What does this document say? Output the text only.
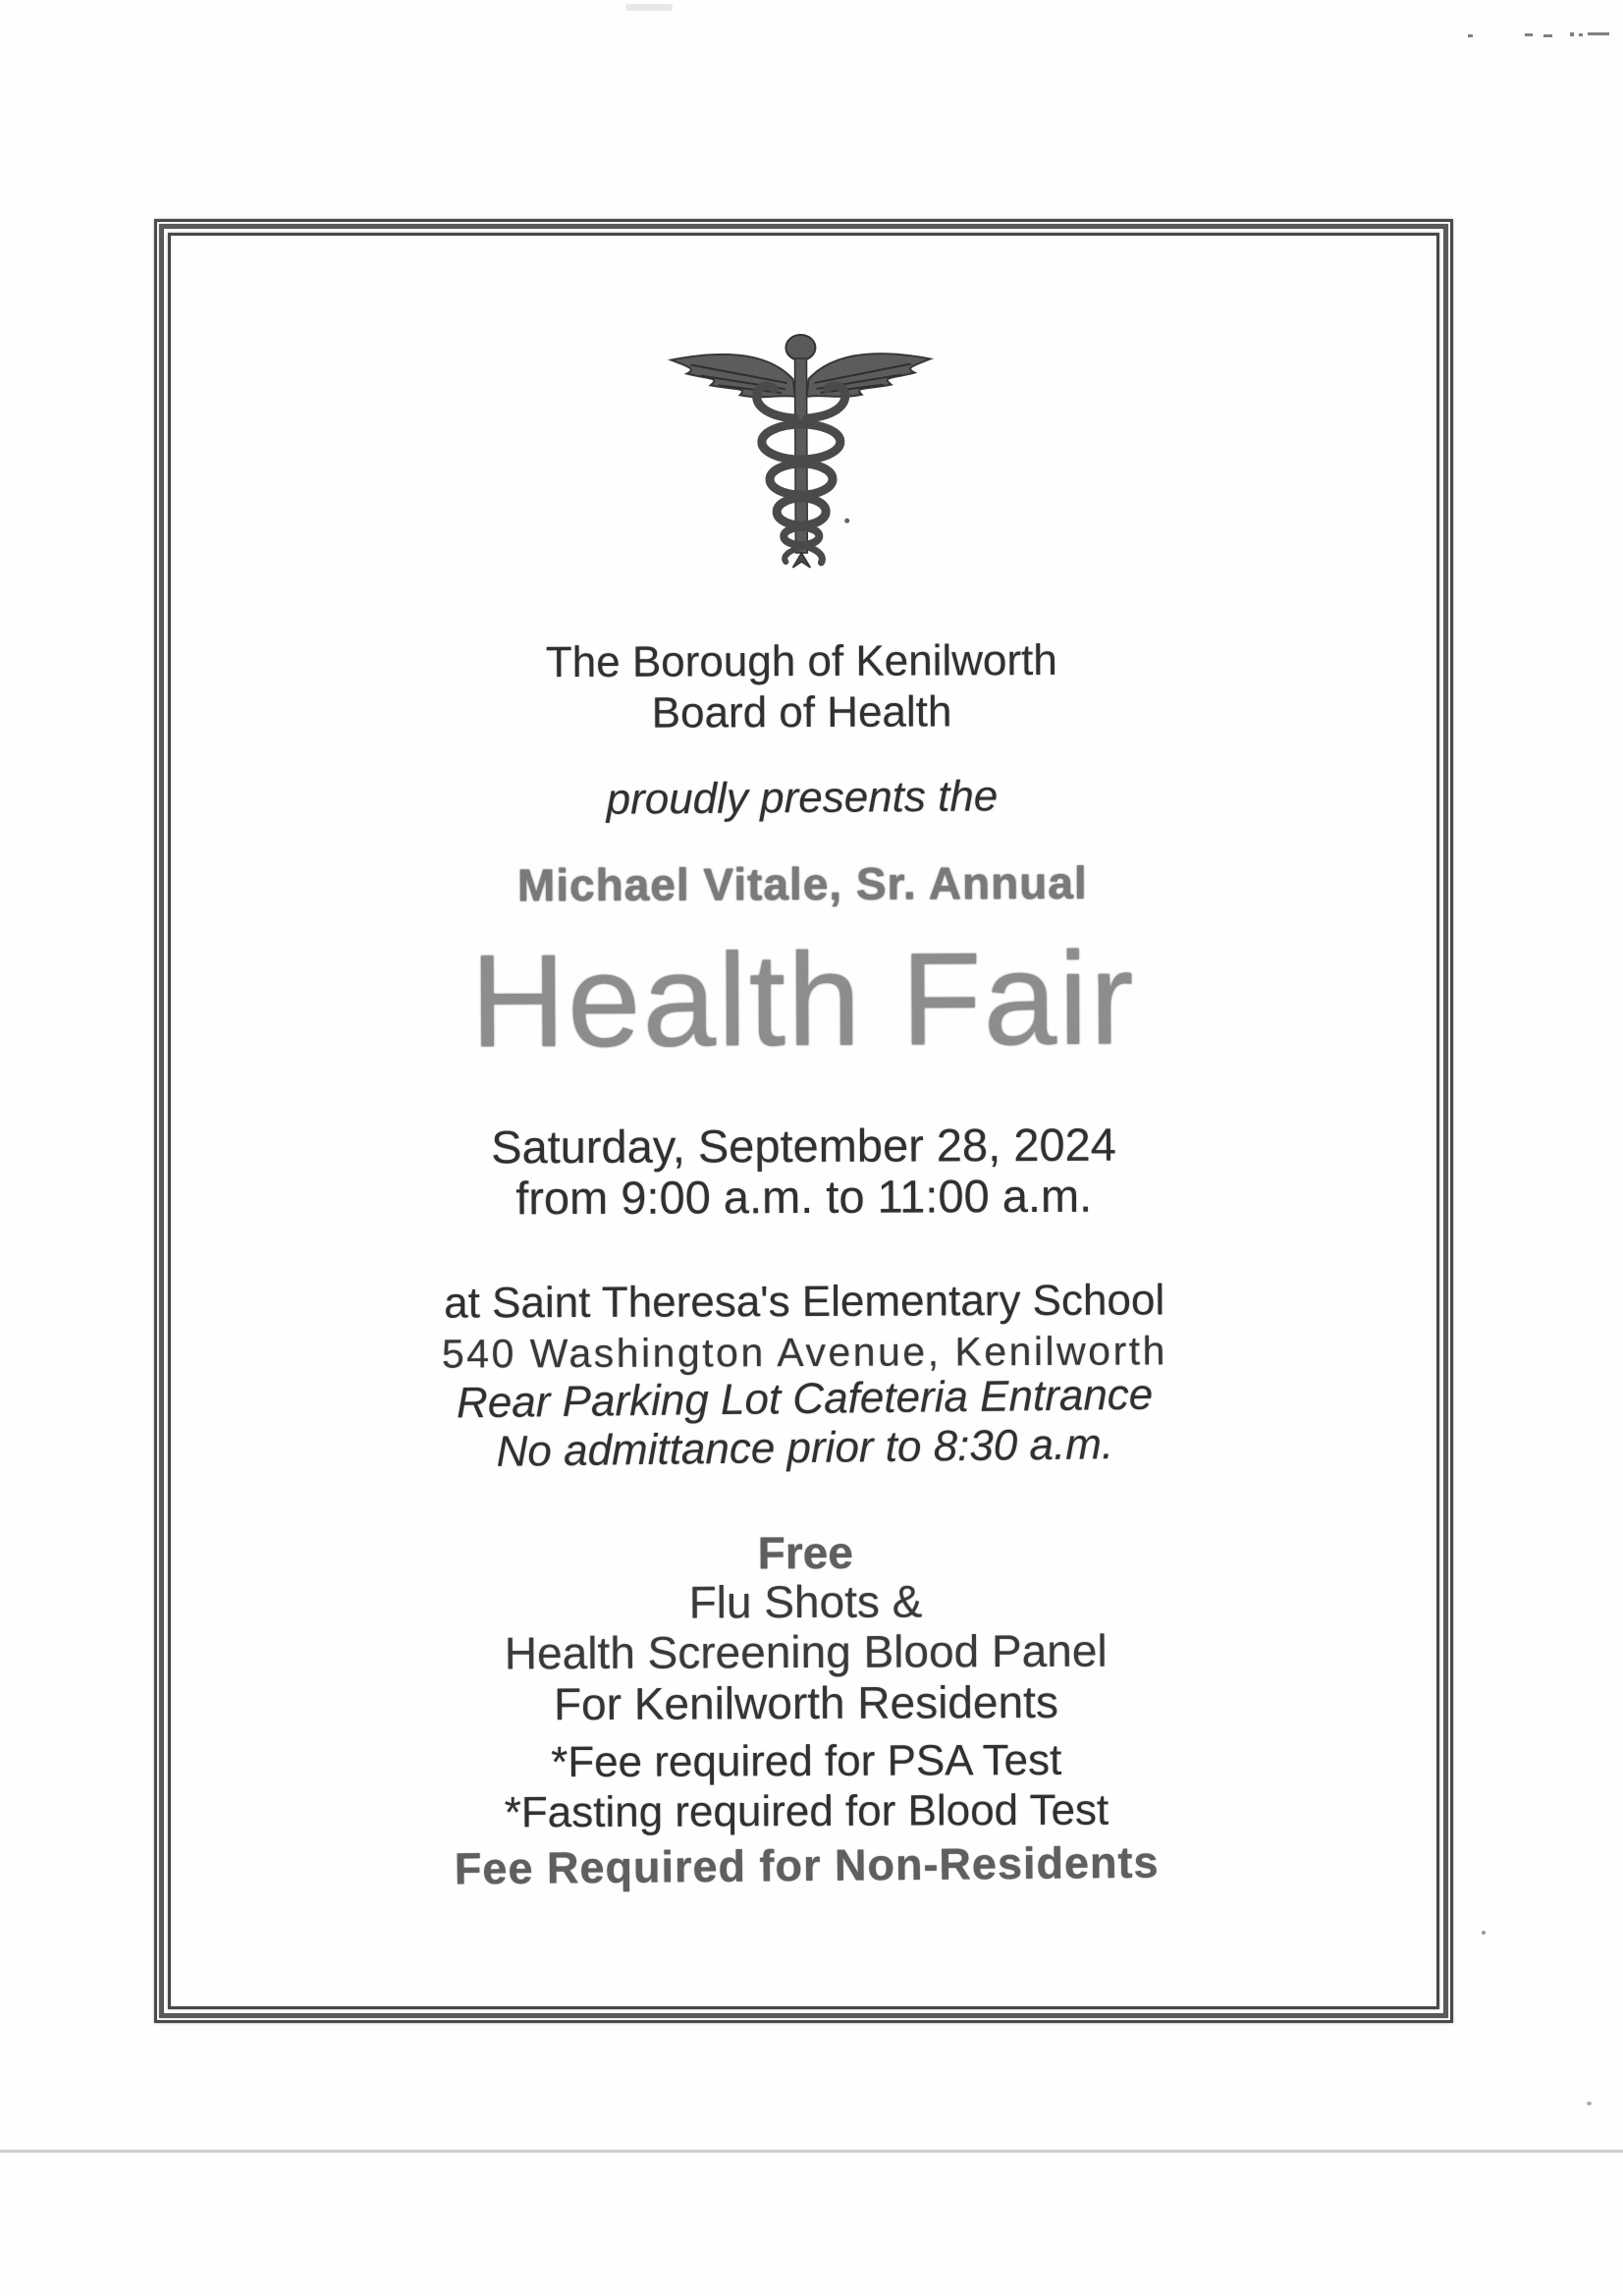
The Borough of Kenilworth
Board of Health
proudly presents the
Michael Vitale, Sr. Annual
Health Fair
Saturday, September 28, 2024
from 9:00 a.m. to 11:00 a.m.
at Saint Theresa's Elementary School
540 Washington Avenue, Kenilworth
Rear Parking Lot Cafeteria Entrance
No admittance prior to 8:30 a.m.
Free
Flu Shots &
Health Screening Blood Panel
For Kenilworth Residents
*Fee required for PSA Test
*Fasting required for Blood Test
Fee Required for Non-Residents
